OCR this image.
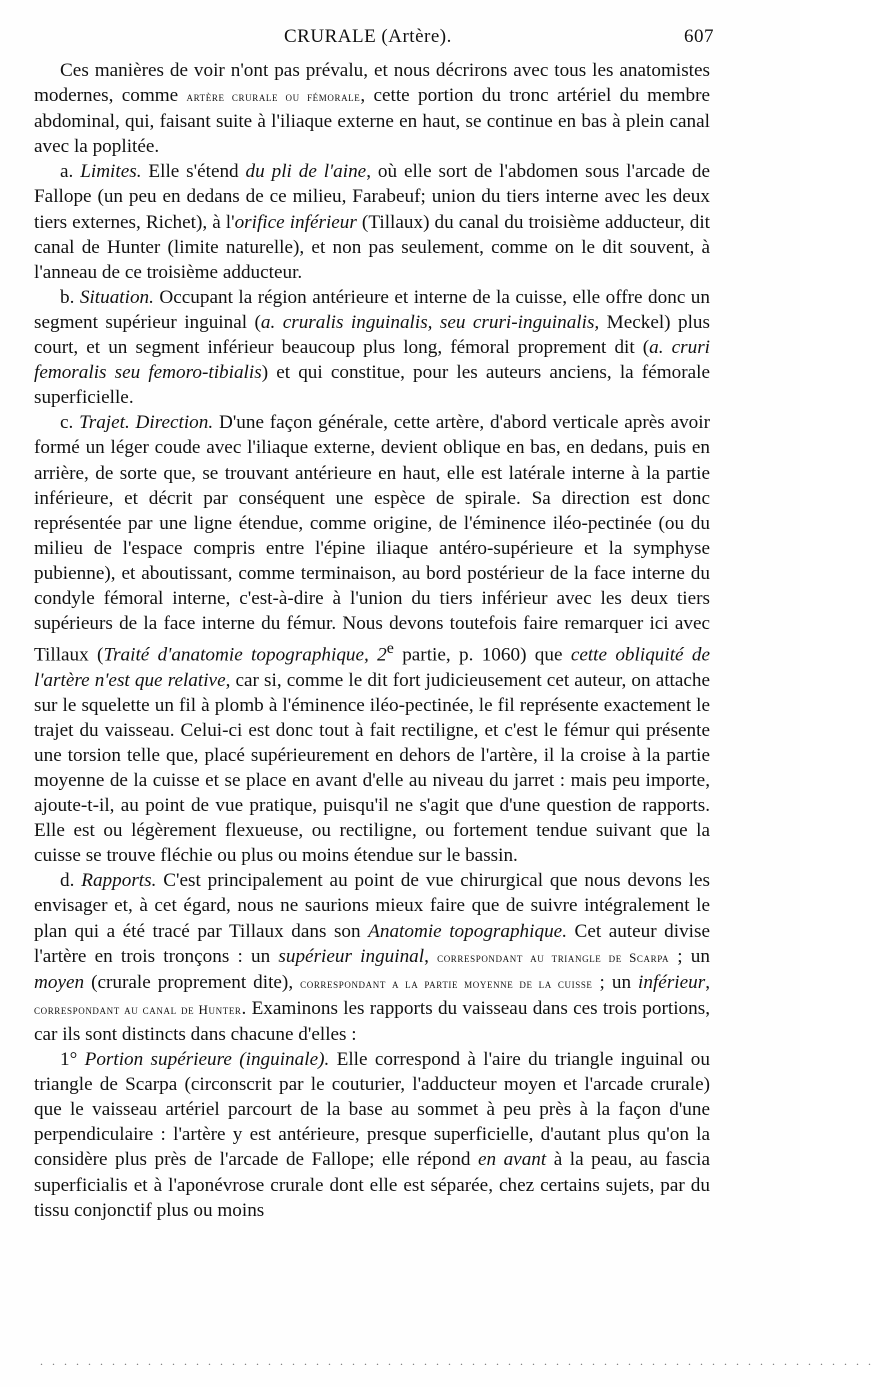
CRURALE (Artère).	607

Ces manières de voir n'ont pas prévalu, et nous décrirons avec tous les anatomistes modernes, comme artère crurale ou fémorale, cette portion du tronc artériel du membre abdominal, qui, faisant suite à l'iliaque externe en haut, se continue en bas à plein canal avec la poplitée.

a. Limites. Elle s'étend du pli de l'aine, où elle sort de l'abdomen sous l'arcade de Fallope (un peu en dedans de ce milieu, Farabeuf; union du tiers interne avec les deux tiers externes, Richet), à l'orifice inférieur (Tillaux) du canal du troisième adducteur, dit canal de Hunter (limite naturelle), et non pas seulement, comme on le dit souvent, à l'anneau de ce troisième adducteur.

b. Situation. Occupant la région antérieure et interne de la cuisse, elle offre donc un segment supérieur inguinal (a. cruralis inguinalis, seu cruri-inguinalis, Meckel) plus court, et un segment inférieur beaucoup plus long, fémoral proprement dit (a. cruri femoralis seu femoro-tibialis) et qui constitue, pour les auteurs anciens, la fémorale superficielle.

c. Trajet. Direction. D'une façon générale, cette artère, d'abord verticale après avoir formé un léger coude avec l'iliaque externe, devient oblique en bas, en dedans, puis en arrière, de sorte que, se trouvant antérieure en haut, elle est latérale interne à la partie inférieure, et décrit par conséquent une espèce de spirale. Sa direction est donc représentée par une ligne étendue, comme origine, de l'éminence iléo-pectinée (ou du milieu de l'espace compris entre l'épine iliaque antéro-supérieure et la symphyse pubienne), et aboutissant, comme terminaison, au bord postérieur de la face interne du condyle fémoral interne, c'est-à-dire à l'union du tiers inférieur avec les deux tiers supérieurs de la face interne du fémur. Nous devons toutefois faire remarquer ici avec Tillaux (Traité d'anatomie topographique, 2e partie, p. 1060) que cette obliquité de l'artère n'est que relative, car si, comme le dit fort judicieusement cet auteur, on attache sur le squelette un fil à plomb à l'éminence iléo-pectinée, le fil représente exactement le trajet du vaisseau. Celui-ci est donc tout à fait rectiligne, et c'est le fémur qui présente une torsion telle que, placé supérieurement en dehors de l'artère, il la croise à la partie moyenne de la cuisse et se place en avant d'elle au niveau du jarret : mais peu importe, ajoute-t-il, au point de vue pratique, puisqu'il ne s'agit que d'une question de rapports. Elle est ou légèrement flexueuse, ou rectiligne, ou fortement tendue suivant que la cuisse se trouve fléchie ou plus ou moins étendue sur le bassin.

d. Rapports. C'est principalement au point de vue chirurgical que nous devons les envisager et, à cet égard, nous ne saurions mieux faire que de suivre intégralement le plan qui a été tracé par Tillaux dans son Anatomie topographique. Cet auteur divise l'artère en trois tronçons : un supérieur inguinal, correspondant au triangle de Scarpa ; un moyen (crurale proprement dite), correspondant a la partie moyenne de la cuisse ; un inférieur, correspondant au canal de Hunter. Examinons les rapports du vaisseau dans ces trois portions, car ils sont distincts dans chacune d'elles :

1° Portion supérieure (inguinale). Elle correspond à l'aire du triangle inguinal ou triangle de Scarpa (circonscrit par le couturier, l'adducteur moyen et l'arcade crurale) que le vaisseau artériel parcourt de la base au sommet à peu près à la façon d'une perpendiculaire : l'artère y est antérieure, presque superficielle, d'autant plus qu'on la considère plus près de l'arcade de Fallope; elle répond en avant à la peau, au fascia superficialis et à l'aponévrose crurale dont elle est séparée, chez certains sujets, par du tissu conjonctif plus ou moins

. . . . . . . . . . . . . . . . . . . . . . . . . . . . . . . . . . . . . . . . . . . . . . . . . . . . . . . . . . . . . . . . . . . . . .
